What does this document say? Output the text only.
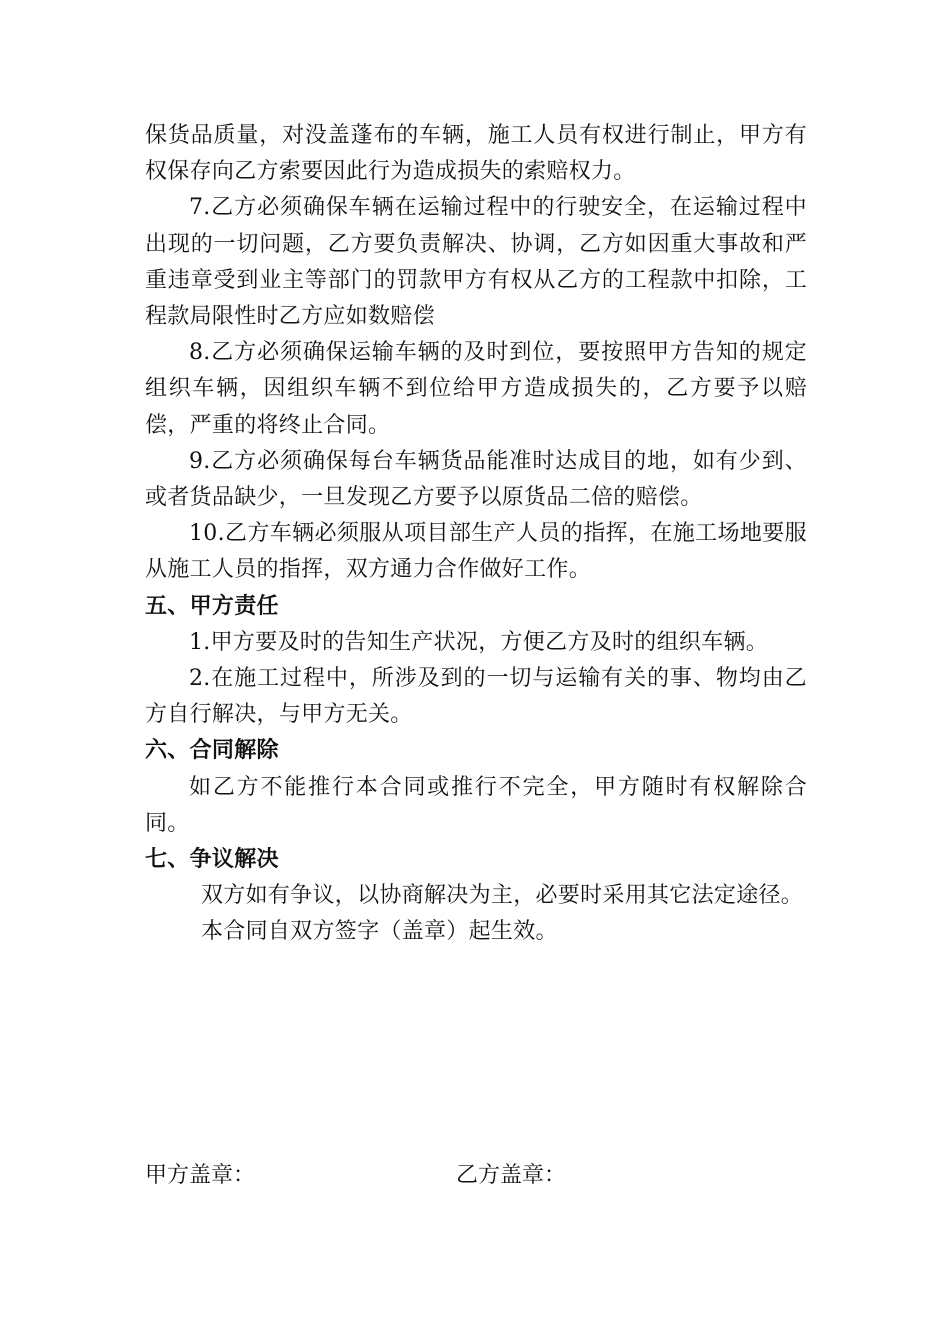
保货品质量，对没盖蓬布的车辆，施工人员有权进行制止，甲方有权保存向乙方索要因此行为造成损失的索赔权力。

7.乙方必须确保车辆在运输过程中的行驶安全，在运输过程中出现的一切问题，乙方要负责解决、协调，乙方如因重大事故和严重违章受到业主等部门的罚款甲方有权从乙方的工程款中扣除，工程款局限性时乙方应如数赔偿

8.乙方必须确保运输车辆的及时到位，要按照甲方告知的规定组织车辆，因组织车辆不到位给甲方造成损失的，乙方要予以赔偿，严重的将终止合同。

9.乙方必须确保每台车辆货品能准时达成目的地，如有少到、或者货品缺少，一旦发现乙方要予以原货品二倍的赔偿。

10.乙方车辆必须服从项目部生产人员的指挥，在施工场地要服从施工人员的指挥，双方通力合作做好工作。

五、甲方责任

1.甲方要及时的告知生产状况，方便乙方及时的组织车辆。

2.在施工过程中，所涉及到的一切与运输有关的事、物均由乙方自行解决，与甲方无关。

六、合同解除

如乙方不能推行本合同或推行不完全，甲方随时有权解除合同。

七、争议解决

双方如有争议，以协商解决为主，必要时采用其它法定途径。

本合同自双方签字（盖章）起生效。

甲方盖章：	乙方盖章：
